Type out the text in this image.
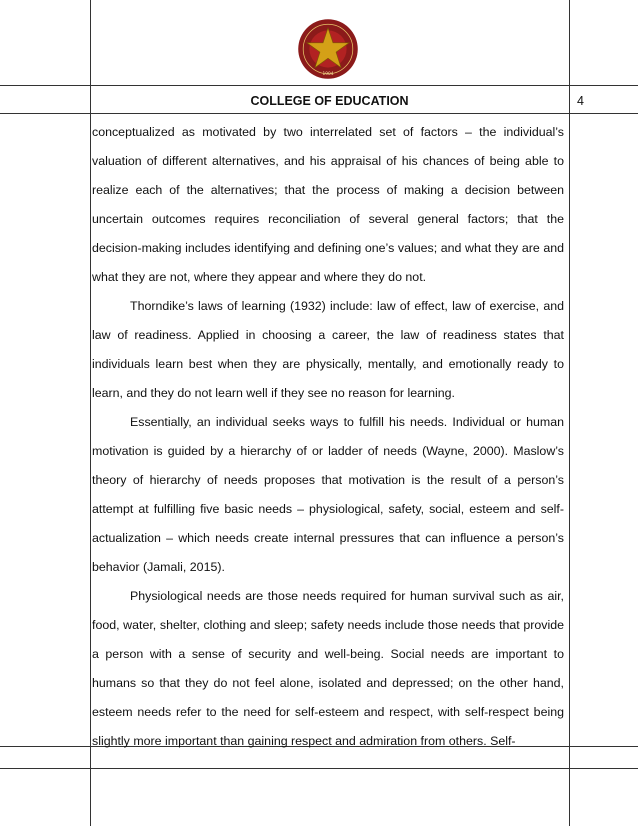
1904
COLLEGE OF EDUCATION	4

conceptualized as motivated by two interrelated set of factors – the individual’s valuation of different alternatives, and his appraisal of his chances of being able to realize each of the alternatives; that the process of making a decision between uncertain outcomes requires reconciliation of several general factors; that the decision-making includes identifying and defining one’s values; and what they are and what they are not, where they appear and where they do not.

Thorndike’s laws of learning (1932) include: law of effect, law of exercise, and law of readiness. Applied in choosing a career, the law of readiness states that individuals learn best when they are physically, mentally, and emotionally ready to learn, and they do not learn well if they see no reason for learning.

Essentially, an individual seeks ways to fulfill his needs. Individual or human motivation is guided by a hierarchy of or ladder of needs (Wayne, 2000). Maslow’s theory of hierarchy of needs proposes that motivation is the result of a person’s attempt at fulfilling five basic needs – physiological, safety, social, esteem and self-actualization – which needs create internal pressures that can influence a person’s behavior (Jamali, 2015).

Physiological needs are those needs required for human survival such as air, food, water, shelter, clothing and sleep; safety needs include those needs that provide a person with a sense of security and well-being. Social needs are important to humans so that they do not feel alone, isolated and depressed; on the other hand, esteem needs refer to the need for self-esteem and respect, with self-respect being slightly more important than gaining respect and admiration from others. Self-
